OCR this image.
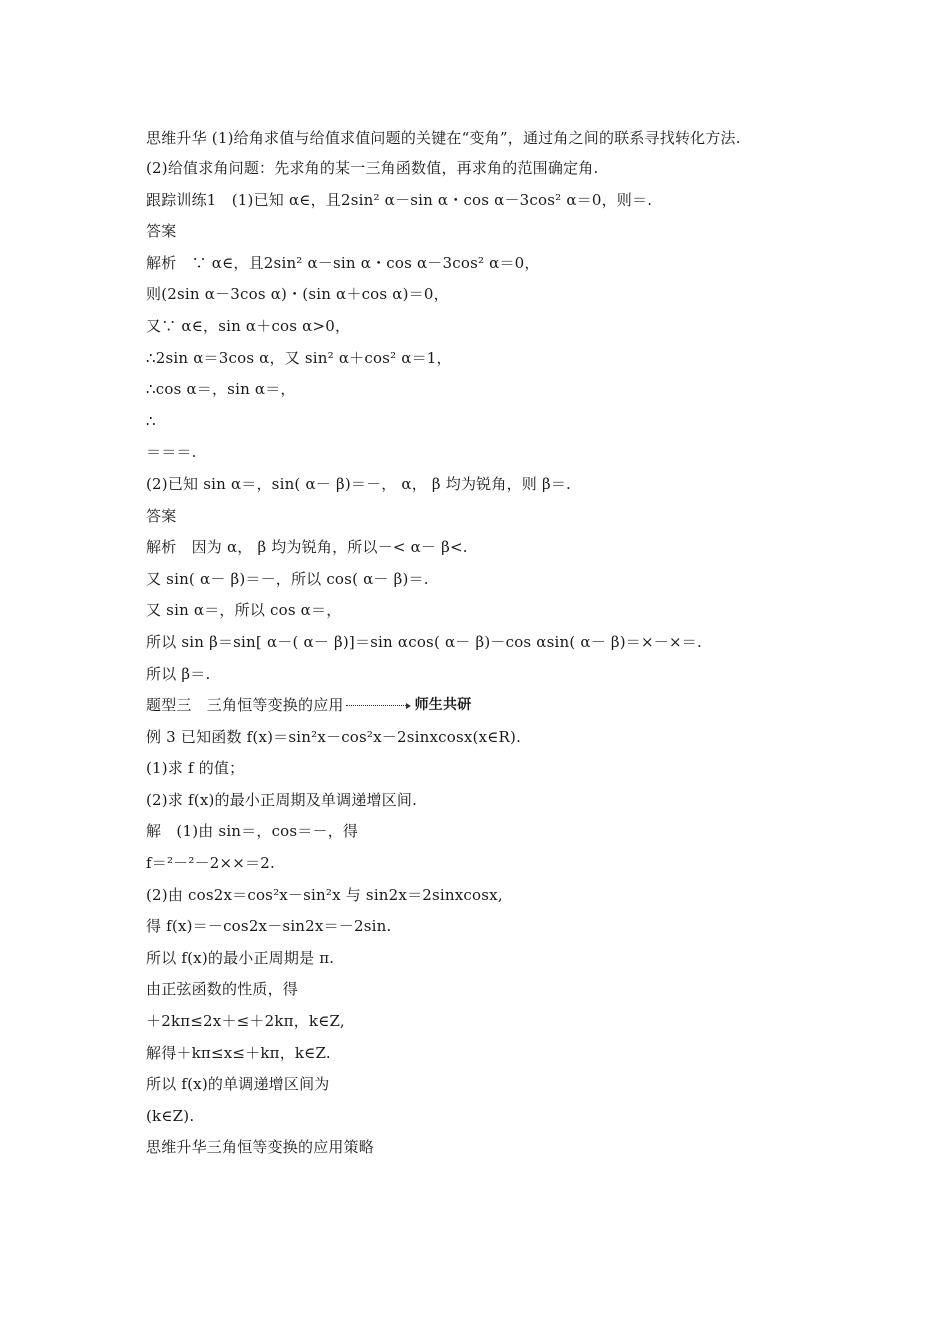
思维升华 (1)给角求值与给值求值问题的关键在“变角”，通过角之间的联系寻找转化方法.
(2)给值求角问题：先求角的某一三角函数值，再求角的范围确定角.
跟踪训练1　(1)已知 α∈，且2sin² α－sin α・cos α－3cos² α＝0，则＝.
答案
解析　∵ α∈，且2sin² α－sin α・cos α－3cos² α＝0，
则(2sin α－3cos α)・(sin α＋cos α)＝0，
又∵ α∈，sin α＋cos α>0，
∴2sin α＝3cos α，又 sin² α＋cos² α＝1，
∴cos α＝，sin α＝，
∴
＝＝＝.
(2)已知 sin α＝，sin( α－ β)＝－， α， β 均为锐角，则 β＝.
答案
解析　因为 α， β 均为锐角，所以－< α－ β<.
又 sin( α－ β)＝－，所以 cos( α－ β)＝.
又 sin α＝，所以 cos α＝，
所以 sin β＝sin[ α－( α－ β)]＝sin αcos( α－ β)－cos αsin( α－ β)＝×－×＝.
所以 β＝.
题型三　三角恒等变换的应用	师生共研
例 3 已知函数 f(x)＝sin²x－cos²x－2sinxcosx(x∈R).
(1)求 f 的值；
(2)求 f(x)的最小正周期及单调递增区间.
解　(1)由 sin＝，cos＝－，得
f＝²－²－2××＝2.
(2)由 cos2x＝cos²x－sin²x 与 sin2x＝2sinxcosx,
得 f(x)＝－cos2x－sin2x＝－2sin.
所以 f(x)的最小正周期是 π.
由正弦函数的性质，得
＋2kπ≤2x＋≤＋2kπ，k∈Z,
解得＋kπ≤x≤＋kπ，k∈Z.
所以 f(x)的单调递增区间为
(k∈Z).
思维升华三角恒等变换的应用策略
